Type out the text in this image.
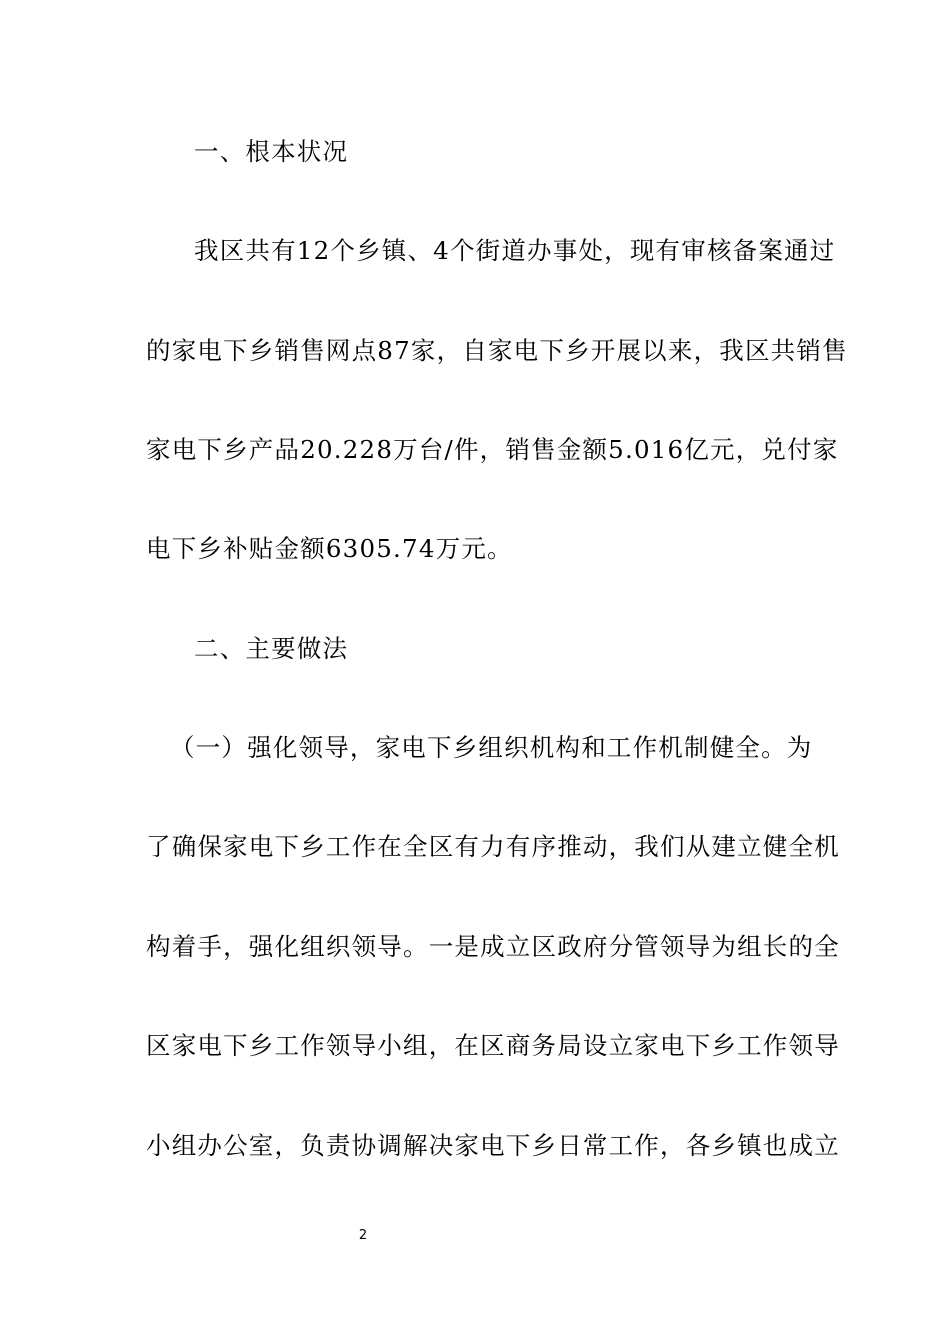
一、根本状况
我区共有12个乡镇、4个街道办事处，现有审核备案通过
的家电下乡销售网点87家，自家电下乡开展以来，我区共销售
家电下乡产品20.228万台/件，销售金额5.016亿元，兑付家
电下乡补贴金额6305.74万元。
二、主要做法
（一）强化领导，家电下乡组织机构和工作机制健全。为
了确保家电下乡工作在全区有力有序推动，我们从建立健全机
构着手，强化组织领导。一是成立区政府分管领导为组长的全
区家电下乡工作领导小组，在区商务局设立家电下乡工作领导
小组办公室，负责协调解决家电下乡日常工作，各乡镇也成立
2
